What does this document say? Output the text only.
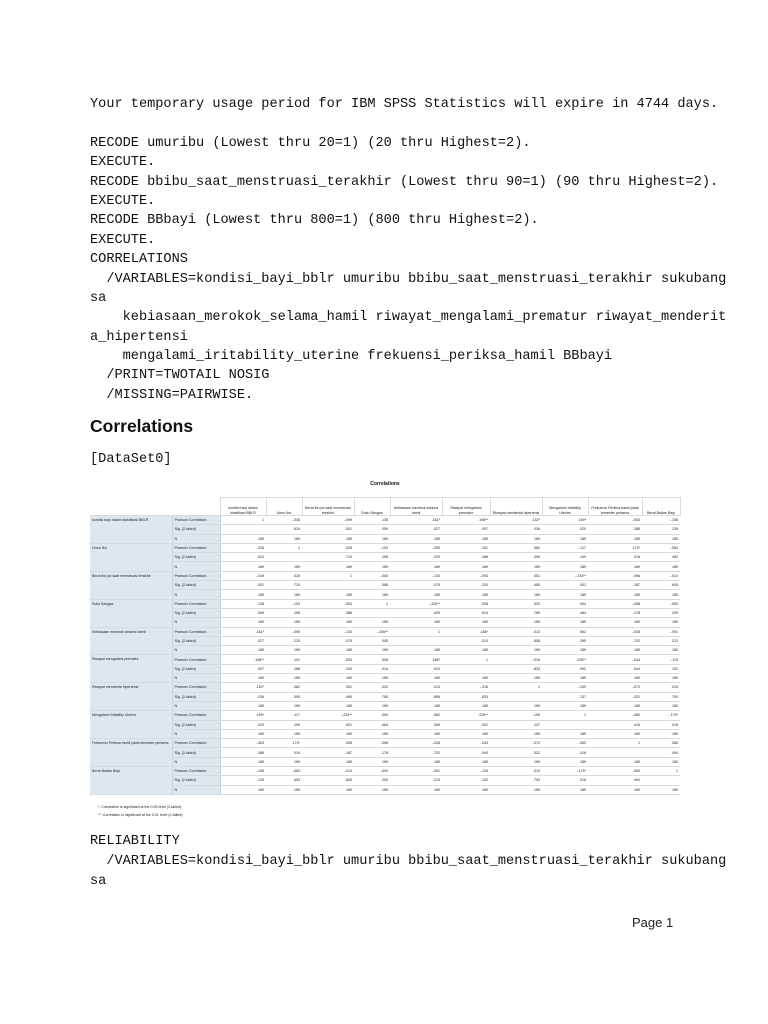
Your temporary usage period for IBM SPSS Statistics will expire in 4744 days.
RECODE umuribu (Lowest thru 20=1) (20 thru Highest=2).
EXECUTE.
RECODE bbibu_saat_menstruasi_terakhir (Lowest thru 90=1) (90 thru Highest=2).
EXECUTE.
RECODE BBbayi (Lowest thru 800=1) (800 thru Highest=2).
EXECUTE.
CORRELATIONS
/VARIABLES=kondisi_bayi_bblr umuribu bbibu_saat_menstruasi_terakhir sukubang
sa
kebiasaan_merokok_selama_hamil riwayat_mengalami_prematur riwayat_menderit
a_hipertensi
mengalami_iritability_uterine frekuensi_periksa_hamil BBbayi
/PRINT=TWOTAIL NOSIG
/MISSING=PAIRWISE.
Correlations
[DataSet0]
Correlations
		kondisi bayi dalam klasifikasi BBLR	Umur Ibu	Berat ibu pd saat menstruasi terakhir	Suku Bangsa	Kebiasaan merokok selama hamil	Riwayat mengalami prematur	Riwayat menderita hipertensi	Mengalami Iritability Uterine	Frekuensi Periksa hamil pada trimester pertama	Berat Badan Bayi
kondisi bayi dalam klasifikasi BBLR	Pearson Correlation	1	-.036	-.099	.138	.161*	.198**	.152*	.169*	-.063	-.108
	Sig. (2-tailed)		.624	.501	.059	.027	.007	.036	.020	.388	.139
	N	189	189	189	189	189	189	189	189	189	189
Umur Ibu	Pearson Correlation	-.036	1	.026	-.103	-.090	.101	.062	-.117	.174*	-.083
	Sig. (2-tailed)	.624		.724	.158	.220	.168	.395	.109	.016	.453
	N	189	189	189	189	189	189	189	189	189	189
Berat ibu pd saat menstruasi terakhir	Pearson Correlation	-.049	.026	1	-.063	-.130	-.093	.051	-.234**	.096	-.014
	Sig. (2-tailed)	.501	.724		.386	.075	.204	.485	.001	.187	.845
	N	189	189	189	189	189	189	189	189	189	189
Suku Bangsa	Pearson Correlation	.138	-.103	-.063	1	-.206**	.008	.020	.054	-.098	-.092
	Sig. (2-tailed)	.059	.158	.386		.005	.914	.785	.464	.178	.209
	N	189	189	189	189	189	189	189	189	189	189
Kebiasaan merokok selama hamil	Pearson Correlation	.161*	-.090	-.130	-.206**	1	.186*	.013	.062	-.028	-.091
	Sig. (2-tailed)	.027	.220	.075	.005		.010	.858	.395	.702	.213
	N	189	189	189	189	189	189	189	189	189	189
Riwayat mengalami prematur	Pearson Correlation	.198**	.101	-.093	.008	.186*	1	-.016	.228**	-.044	-.119
	Sig. (2-tailed)	.007	.168	.204	.914	.010		.833	.002	.544	.102
	N	189	189	189	189	189	189	189	189	189	189
Riwayat menderita hipertensi	Pearson Correlation	.152*	.062	.051	.020	.013	-.016	1	-.109	-.072	.019
	Sig. (2-tailed)	.036	.395	.485	.785	.858	.833		.137	.322	.793
	N	189	189	189	189	189	189	189	189	189	189
Mengalami Iritability Uterine	Pearson Correlation	.169*	-.117	-.234**	.054	.062	.228**	-.109	1	-.060	-.175*
	Sig. (2-tailed)	.020	.109	.001	.464	.395	.002	.137		.416	.016
	N	189	189	189	189	189	189	189	189	189	189
Frekuensi Periksa hamil pada trimester pertama	Pearson Correlation	-.063	.174*	.096	-.098	-.028	-.044	-.072	-.060	1	.065
	Sig. (2-tailed)	.388	.016	.187	.178	.702	.544	.322	.416		.494
	N	189	189	189	189	189	189	189	189	189	189
Berat Badan Bayi	Pearson Correlation	-.108	-.083	-.014	-.092	-.091	-.119	.019	-.175*	.065	1
	Sig. (2-tailed)	.139	.453	.845	.209	.213	.102	.793	.016	.494	
	N	189	189	189	189	189	189	189	189	189	189
*. Correlation is significant at the 0.05 level (2-tailed).
**. Correlation is significant at the 0.01 level (2-tailed).
RELIABILITY
/VARIABLES=kondisi_bayi_bblr umuribu bbibu_saat_menstruasi_terakhir sukubang
sa
Page 1
